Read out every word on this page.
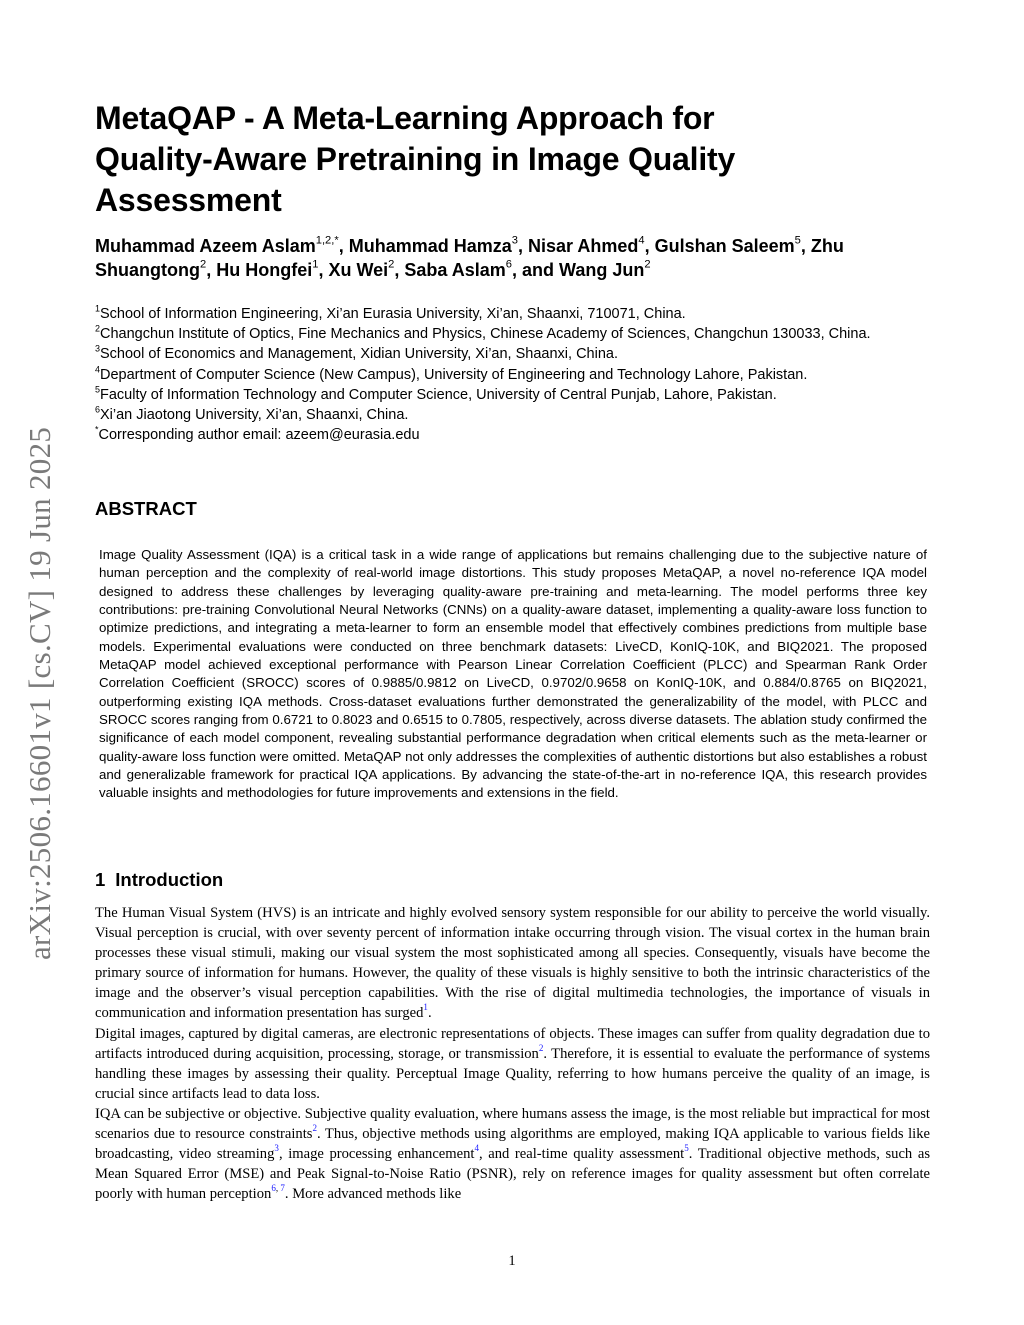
arXiv:2506.16601v1 [cs.CV] 19 Jun 2025
MetaQAP - A Meta-Learning Approach for Quality-Aware Pretraining in Image Quality Assessment
Muhammad Azeem Aslam$^{1,2,*}$, Muhammad Hamza$^3$, Nisar Ahmed$^4$, Gulshan Saleem$^5$, Zhu Shuangtong$^2$, Hu Hongfei$^1$, Xu Wei$^2$, Saba Aslam$^6$, and Wang Jun$^2$
$^1$School of Information Engineering, Xi’an Eurasia University, Xi’an, Shaanxi, 710071, China.
$^2$Changchun Institute of Optics, Fine Mechanics and Physics, Chinese Academy of Sciences, Changchun 130033, China.
$^3$School of Economics and Management, Xidian University, Xi’an, Shaanxi, China.
$^4$Department of Computer Science (New Campus), University of Engineering and Technology Lahore, Pakistan.
$^5$Faculty of Information Technology and Computer Science, University of Central Punjab, Lahore, Pakistan.
$^6$Xi’an Jiaotong University, Xi’an, Shaanxi, China.
*Corresponding author email: azeem@eurasia.edu
ABSTRACT

Image Quality Assessment (IQA) is a critical task in a wide range of applications but remains challenging due to the subjective nature of human perception and the complexity of real-world image distortions. This study proposes MetaQAP, a novel no-reference IQA model designed to address these challenges by leveraging quality-aware pre-training and meta-learning. The model performs three key contributions: pre-training Convolutional Neural Networks (CNNs) on a quality-aware dataset, implementing a quality-aware loss function to optimize predictions, and integrating a meta-learner to form an ensemble model that effectively combines predictions from multiple base models. Experimental evaluations were conducted on three benchmark datasets: LiveCD, KonIQ-10K, and BIQ2021. The proposed MetaQAP model achieved exceptional performance with Pearson Linear Correlation Coefficient (PLCC) and Spearman Rank Order Correlation Coefficient (SROCC) scores of 0.9885/0.9812 on LiveCD, 0.9702/0.9658 on KonIQ-10K, and 0.884/0.8765 on BIQ2021, outperforming existing IQA methods. Cross-dataset evaluations further demonstrated the generalizability of the model, with PLCC and SROCC scores ranging from 0.6721 to 0.8023 and 0.6515 to 0.7805, respectively, across diverse datasets. The ablation study confirmed the significance of each model component, revealing substantial performance degradation when critical elements such as the meta-learner or quality-aware loss function were omitted. MetaQAP not only addresses the complexities of authentic distortions but also establishes a robust and generalizable framework for practical IQA applications. By advancing the state-of-the-art in no-reference IQA, this research provides valuable insights and methodologies for future improvements and extensions in the field.

1 Introduction

The Human Visual System (HVS) is an intricate and highly evolved sensory system responsible for our ability to perceive the world visually. Visual perception is crucial, with over seventy percent of information intake occurring through vision. The visual cortex in the human brain processes these visual stimuli, making our visual system the most sophisticated among all species. Consequently, visuals have become the primary source of information for humans. However, the quality of these visuals is highly sensitive to both the intrinsic characteristics of the image and the observer’s visual perception capabilities. With the rise of digital multimedia technologies, the importance of visuals in communication and information presentation has surged$^1$.

Digital images, captured by digital cameras, are electronic representations of objects. These images can suffer from quality degradation due to artifacts introduced during acquisition, processing, storage, or transmission$^2$. Therefore, it is essential to evaluate the performance of systems handling these images by assessing their quality. Perceptual Image Quality, referring to how humans perceive the quality of an image, is crucial since artifacts lead to data loss.

IQA can be subjective or objective. Subjective quality evaluation, where humans assess the image, is the most reliable but impractical for most scenarios due to resource constraints$^2$. Thus, objective methods using algorithms are employed, making IQA applicable to various fields like broadcasting, video streaming$^3$, image processing enhancement$^4$, and real-time quality assessment$^5$. Traditional objective methods, such as Mean Squared Error (MSE) and Peak Signal-to-Noise Ratio (PSNR), rely on reference images for quality assessment but often correlate poorly with human perception$^{6, 7}$. More advanced methods like

1
